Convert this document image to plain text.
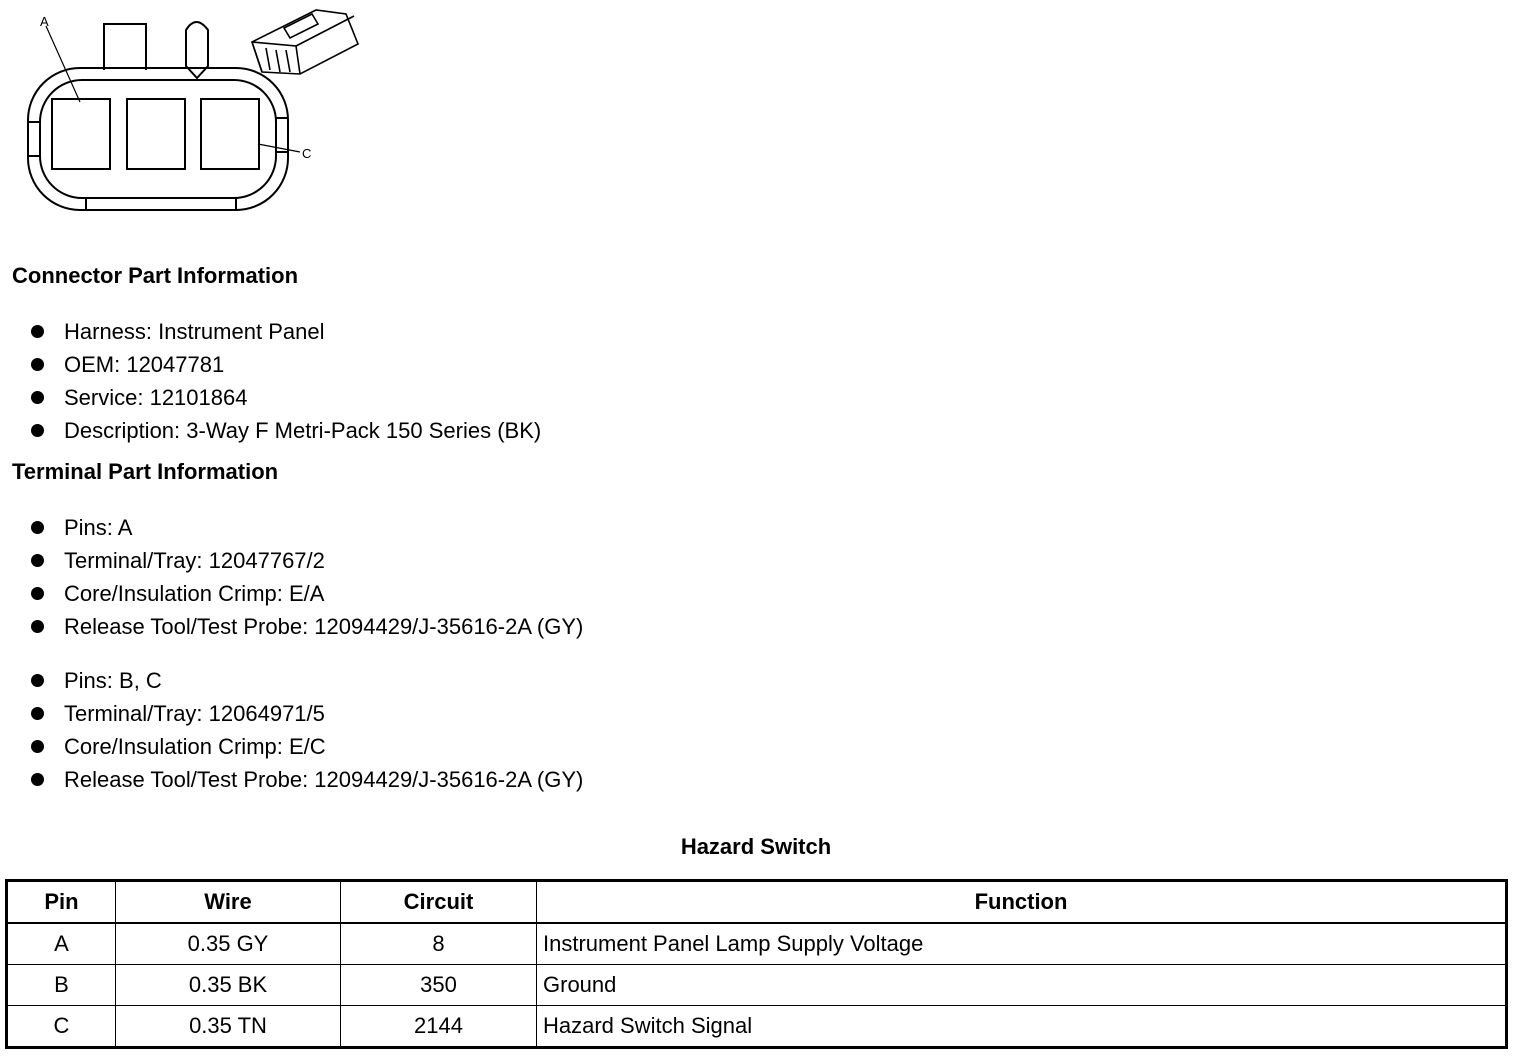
A
C
Connector Part Information
Harness: Instrument Panel
OEM: 12047781
Service: 12101864
Description: 3-Way F Metri-Pack 150 Series (BK)
Terminal Part Information
Pins: A
Terminal/Tray: 12047767/2
Core/Insulation Crimp: E/A
Release Tool/Test Probe: 12094429/J-35616-2A (GY)
Pins: B, C
Terminal/Tray: 12064971/5
Core/Insulation Crimp: E/C
Release Tool/Test Probe: 12094429/J-35616-2A (GY)
Hazard Switch
Pin	Wire	Circuit	Function
A	0.35 GY	8	Instrument Panel Lamp Supply Voltage
B	0.35 BK	350	Ground
C	0.35 TN	2144	Hazard Switch Signal
